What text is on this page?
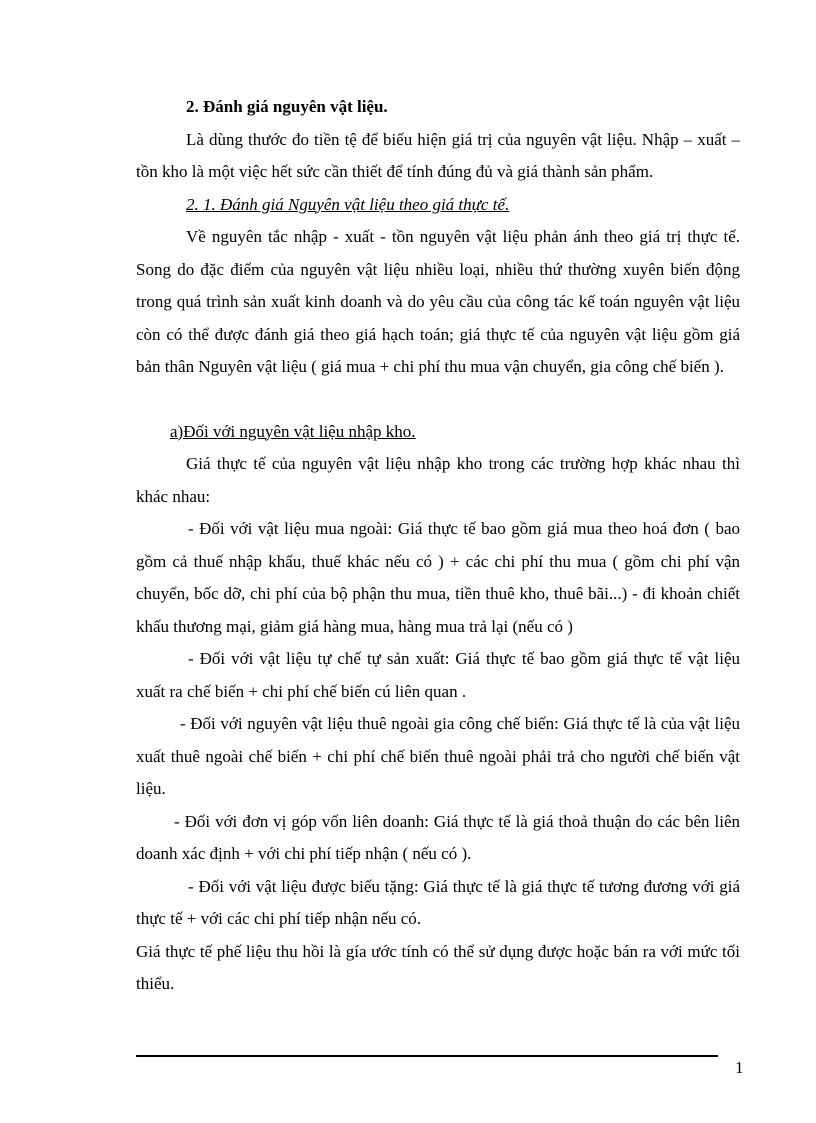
2. Đánh giá nguyên vật liệu.

Là dùng thước đo tiền tệ để biểu hiện giá trị của nguyên vật liệu. Nhập – xuất – tồn kho là một việc hết sức cần thiết để tính đúng đủ và giá thành sản phẩm.

2. 1. Đánh giá Nguyên vật liệu theo giá thực tế.

Về nguyên tắc nhập - xuất - tồn nguyên vật liệu phản ánh theo giá trị thực tế. Song do đặc điểm của nguyên vật liệu nhiều loại, nhiều thứ thường xuyên biến động trong quá trình sản xuất kinh doanh và do yêu cầu của công tác kế toán nguyên vật liệu còn có thể được đánh giá theo giá hạch toán; giá thực tế của nguyên vật liệu gồm giá bản thân Nguyên vật liệu ( giá mua + chi phí thu mua vận chuyển, gia công chế biến ).

a)Đối với nguyên vật liệu nhập kho.

Giá thực tế của nguyên vật liệu nhập kho trong các trường hợp khác nhau thì khác nhau:

- Đối với vật liệu mua ngoài: Giá thực tế bao gồm giá mua theo hoá đơn ( bao gồm cả thuế nhập khẩu, thuế khác nếu có ) + các chi phí thu mua ( gồm chi phí vận chuyển, bốc dỡ, chi phí của bộ phận thu mua, tiền thuê kho, thuê bãi...) - đi khoản chiết khấu thương mại, giảm giá hàng mua, hàng mua trả lại (nếu có )

- Đối với vật liệu tự chế tự sản xuất: Giá thực tế bao gồm giá thực tế vật liệu xuất ra chế biến + chi phí chế biến cú liên quan .

- Đối với nguyên vật liệu thuê ngoài gia công chế biến: Giá thực tế là của vật liệu xuất thuê ngoài chế biến + chi phí chế biến thuê ngoài phải trả cho người chế biến vật liệu.

- Đối với đơn vị góp vốn liên doanh: Giá thực tế là giá thoả thuận do các bên liên doanh xác định + với chi phí tiếp nhận ( nếu có ).

- Đối với vật liệu được biếu tặng: Giá thực tế là giá thực tế tương đương với giá thực tế + với các chi phí tiếp nhận nếu có.

Giá thực tế phế liệu thu hồi là gía ước tính có thể sử dụng được hoặc bán ra với mức tối thiểu.

1
